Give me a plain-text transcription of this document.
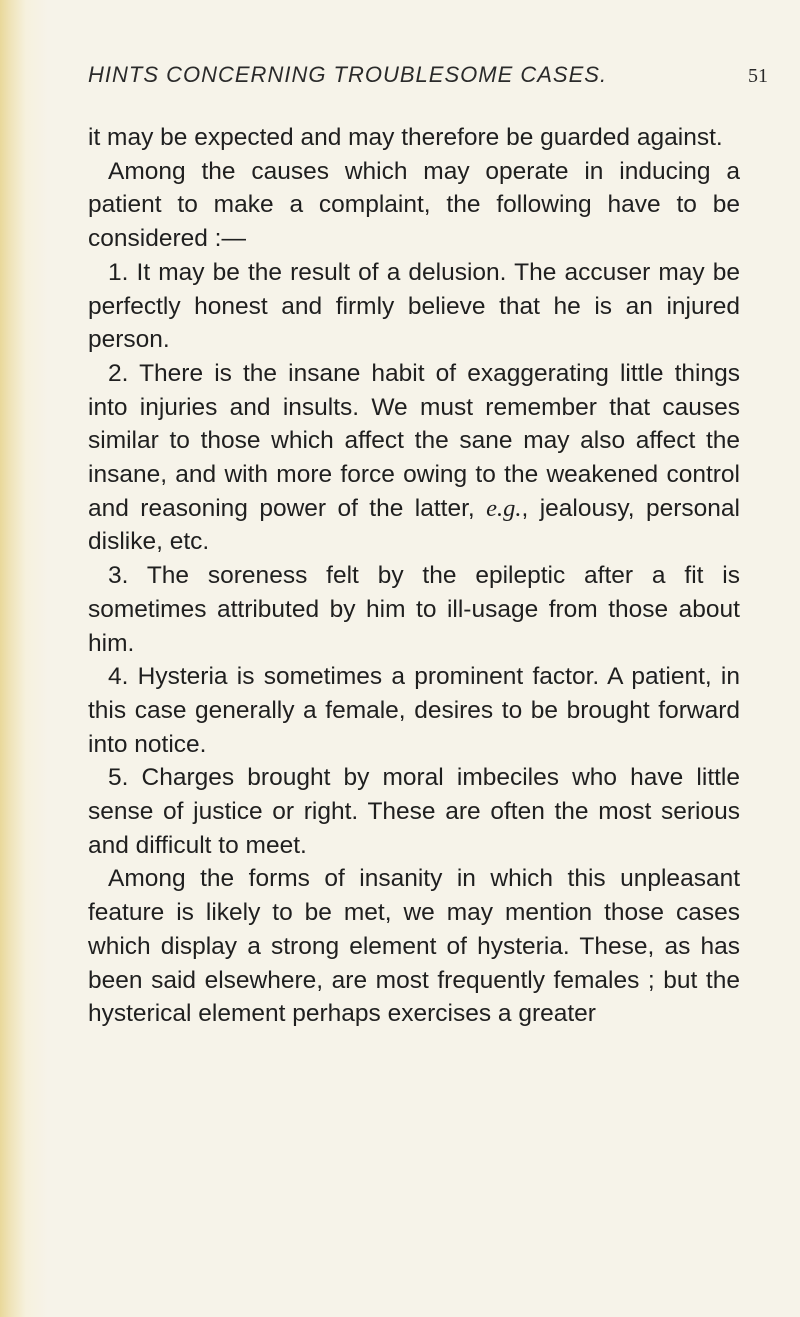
HINTS CONCERNING TROUBLESOME CASES.	51

it may be expected and may therefore be guarded against.

Among the causes which may operate in inducing a patient to make a complaint, the following have to be considered :—

1. It may be the result of a delusion. The accuser may be perfectly honest and firmly believe that he is an injured person.

2. There is the insane habit of exaggerating little things into injuries and insults. We must remember that causes similar to those which affect the sane may also affect the insane, and with more force owing to the weakened control and reasoning power of the latter, e.g., jealousy, personal dislike, etc.

3. The soreness felt by the epileptic after a fit is sometimes attributed by him to ill-usage from those about him.

4. Hysteria is sometimes a prominent factor. A patient, in this case generally a female, desires to be brought forward into notice.

5. Charges brought by moral imbeciles who have little sense of justice or right. These are often the most serious and difficult to meet.

Among the forms of insanity in which this unpleasant feature is likely to be met, we may mention those cases which display a strong element of hysteria. These, as has been said elsewhere, are most frequently females ; but the hysterical element perhaps exercises a greater
